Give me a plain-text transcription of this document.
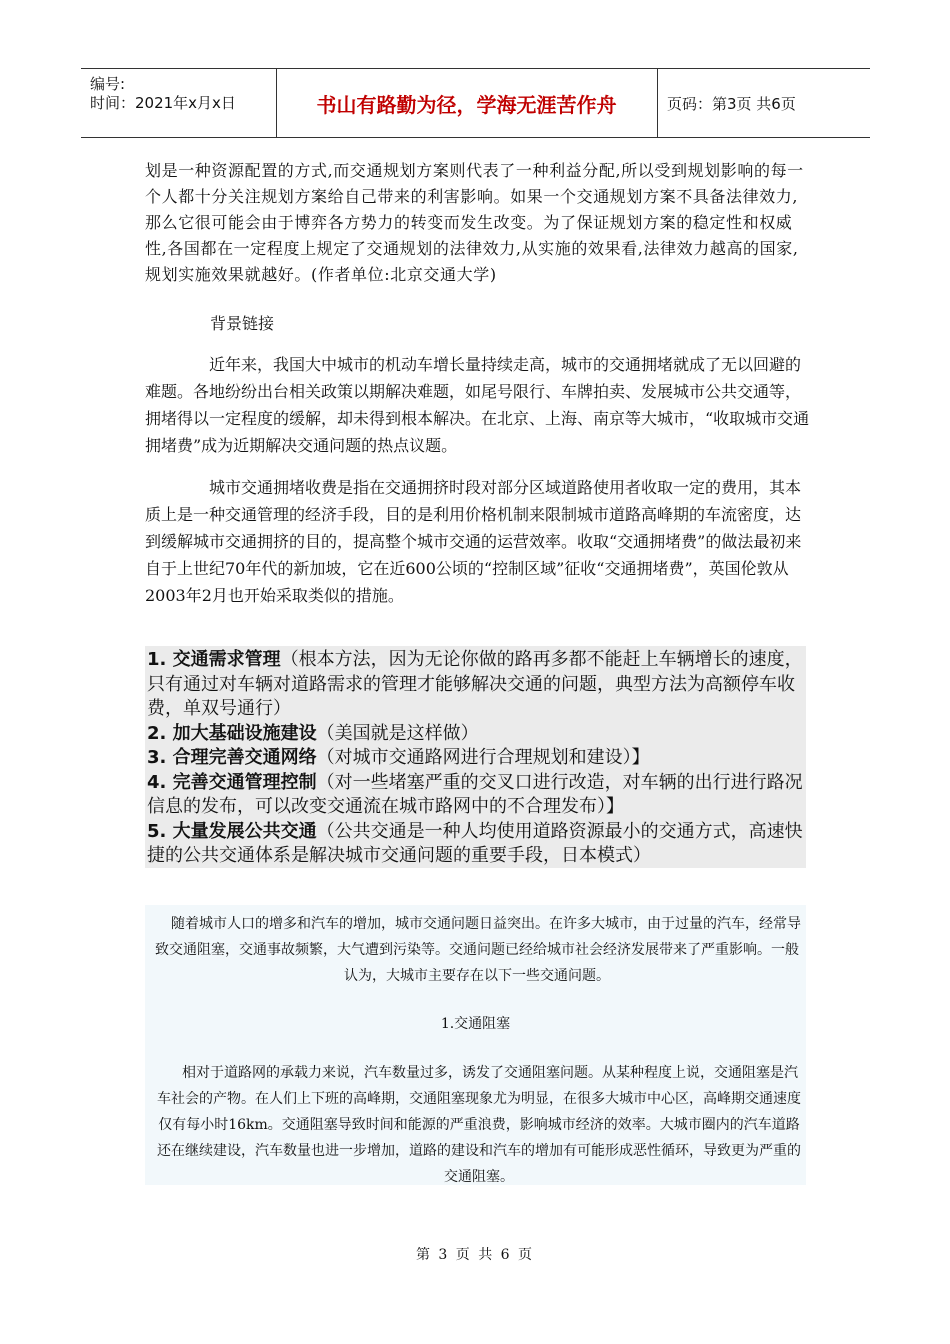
编号:
时间：2021年x月x日	书山有路勤为径，学海无涯苦作舟	页码：第3页 共6页
划是一种资源配置的方式,而交通规划方案则代表了一种利益分配,所以受到规划影响的每一个人都十分关注规划方案给自己带来的利害影响。如果一个交通规划方案不具备法律效力,那么它很可能会由于博弈各方势力的转变而发生改变。为了保证规划方案的稳定性和权威性,各国都在一定程度上规定了交通规划的法律效力,从实施的效果看,法律效力越高的国家,规划实施效果就越好。(作者单位:北京交通大学)
背景链接
近年来，我国大中城市的机动车增长量持续走高，城市的交通拥堵就成了无以回避的难题。各地纷纷出台相关政策以期解决难题，如尾号限行、车牌拍卖、发展城市公共交通等，拥堵得以一定程度的缓解，却未得到根本解决。在北京、上海、南京等大城市，“收取城市交通拥堵费”成为近期解决交通问题的热点议题。
城市交通拥堵收费是指在交通拥挤时段对部分区域道路使用者收取一定的费用，其本质上是一种交通管理的经济手段，目的是利用价格机制来限制城市道路高峰期的车流密度，达到缓解城市交通拥挤的目的，提高整个城市交通的运营效率。收取“交通拥堵费”的做法最初来自于上世纪70年代的新加坡，它在近600公顷的“控制区域”征收“交通拥堵费”，英国伦敦从2003年2月也开始采取类似的措施。
1. 交通需求管理（根本方法，因为无论你做的路再多都不能赶上车辆增长的速度，只有通过对车辆对道路需求的管理才能够解决交通的问题，典型方法为高额停车收费，单双号通行）
2. 加大基础设施建设（美国就是这样做）
3. 合理完善交通网络（对城市交通路网进行合理规划和建设）】
4. 完善交通管理控制（对一些堵塞严重的交叉口进行改造，对车辆的出行进行路况信息的发布，可以改变交通流在城市路网中的不合理发布）】
5. 大量发展公共交通（公共交通是一种人均使用道路资源最小的交通方式，高速快捷的公共交通体系是解决城市交通问题的重要手段，日本模式）
随着城市人口的增多和汽车的增加，城市交通问题日益突出。在许多大城市，由于过量的汽车，经常导致交通阻塞，交通事故频繁，大气遭到污染等。交通问题已经给城市社会经济发展带来了严重影响。一般认为，大城市主要存在以下一些交通问题。
1.交通阻塞
相对于道路网的承载力来说，汽车数量过多，诱发了交通阻塞问题。从某种程度上说，交通阻塞是汽车社会的产物。在人们上下班的高峰期，交通阻塞现象尤为明显，在很多大城市中心区，高峰期交通速度仅有每小时16km。交通阻塞导致时间和能源的严重浪费，影响城市经济的效率。大城市圈内的汽车道路还在继续建设，汽车数量也进一步增加，道路的建设和汽车的增加有可能形成恶性循环，导致更为严重的交通阻塞。
第 3 页 共 6 页
